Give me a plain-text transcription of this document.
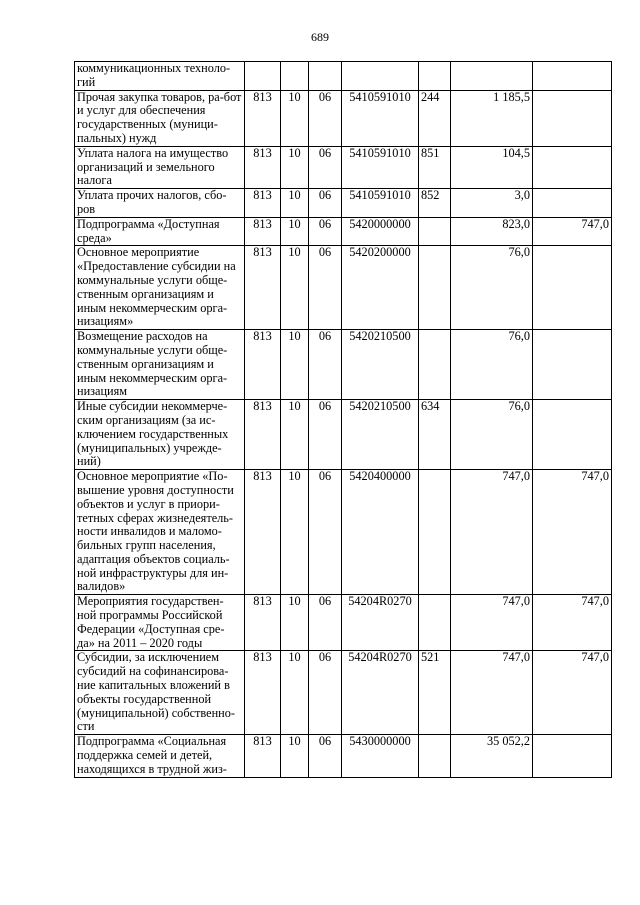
689
коммуникационных техноло-гий							
Прочая закупка товаров, ра-бот и услуг для обеспечения государственных (муници-пальных) нужд	813	10	06	5410591010	244	1 185,5	
Уплата налога на имущество организаций и земельного налога	813	10	06	5410591010	851	104,5	
Уплата прочих налогов, сбо-ров	813	10	06	5410591010	852	3,0	
Подпрограмма «Доступная среда»	813	10	06	5420000000		823,0	747,0
Основное мероприятие «Предоставление субсидии на коммунальные услуги обще-ственным организациям и иным некоммерческим орга-низациям»	813	10	06	5420200000		76,0	
Возмещение расходов на коммунальные услуги обще-ственным организациям и иным некоммерческим орга-низациям	813	10	06	5420210500		76,0	
Иные субсидии некоммерче-ским организациям (за ис-ключением государственных (муниципальных) учрежде-ний)	813	10	06	5420210500	634	76,0	
Основное мероприятие «По-вышение уровня доступности объектов и услуг в приори-тетных сферах жизнедеятель-ности инвалидов и маломо-бильных групп населения, адаптация объектов социаль-ной инфраструктуры для ин-валидов»	813	10	06	5420400000		747,0	747,0
Мероприятия государствен-ной программы Российской Федерации «Доступная сре-да» на 2011 – 2020 годы	813	10	06	54204R0270		747,0	747,0
Субсидии, за исключением субсидий на софинансирова-ние капитальных вложений в объекты государственной (муниципальной) собственно-сти	813	10	06	54204R0270	521	747,0	747,0
Подпрограмма «Социальная поддержка семей и детей, находящихся в трудной жиз-	813	10	06	5430000000		35 052,2	
